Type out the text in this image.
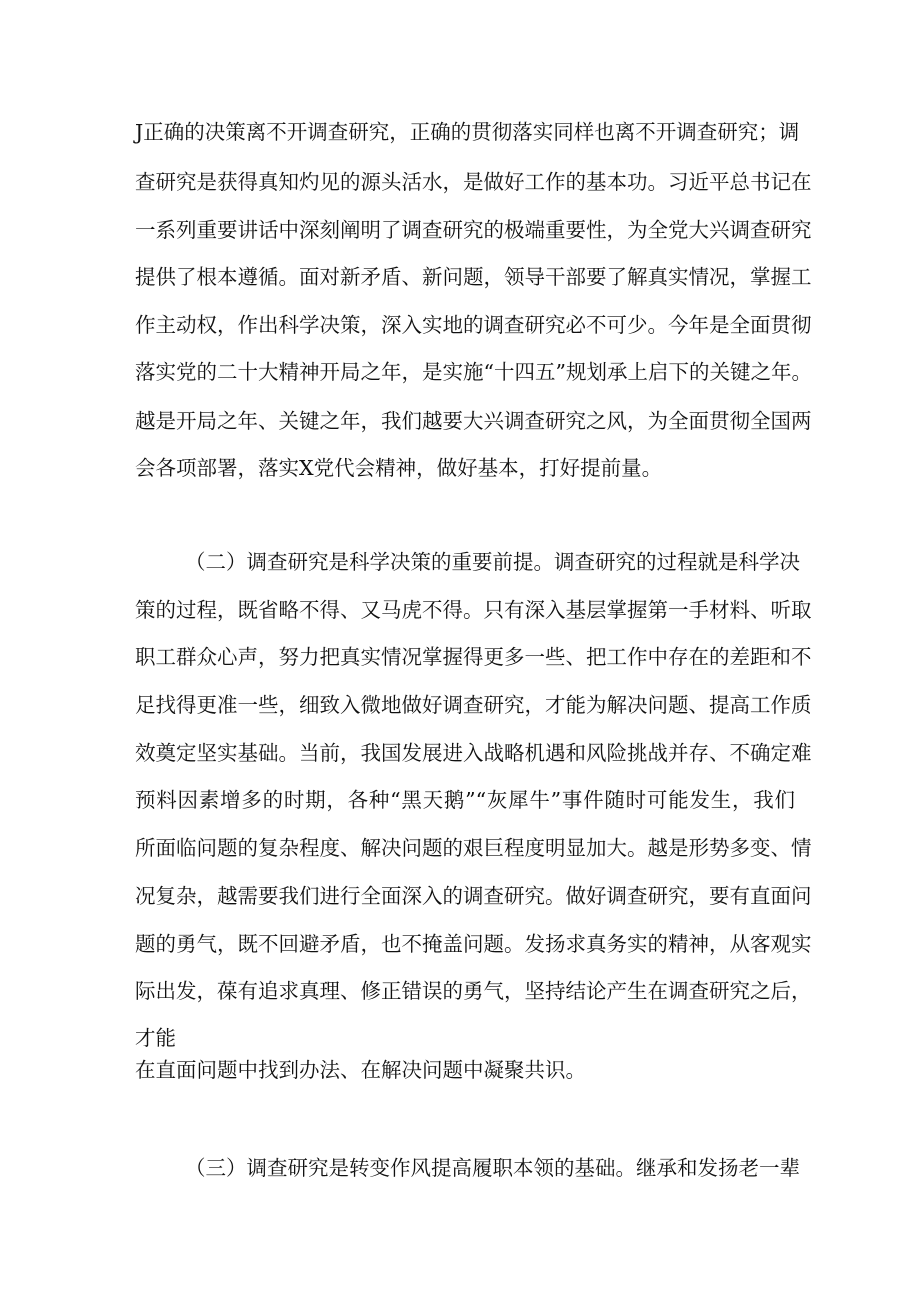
J正确的决策离不开调查研究，正确的贯彻落实同样也离不开调查研究；调
查研究是获得真知灼见的源头活水，是做好工作的基本功。习近平总书记在
一系列重要讲话中深刻阐明了调查研究的极端重要性，为全党大兴调查研究
提供了根本遵循。面对新矛盾、新问题，领导干部要了解真实情况，掌握工
作主动权，作出科学决策，深入实地的调查研究必不可少。今年是全面贯彻
落实党的二十大精神开局之年，是实施“十四五”规划承上启下的关键之年。
越是开局之年、关键之年，我们越要大兴调查研究之风，为全面贯彻全国两
会各项部署，落实X党代会精神，做好基本，打好提前量。
（二）调查研究是科学决策的重要前提。调查研究的过程就是科学决
策的过程，既省略不得、又马虎不得。只有深入基层掌握第一手材料、听取
职工群众心声，努力把真实情况掌握得更多一些、把工作中存在的差距和不
足找得更准一些，细致入微地做好调查研究，才能为解决问题、提高工作质
效奠定坚实基础。当前，我国发展进入战略机遇和风险挑战并存、不确定难
预料因素增多的时期，各种“黑天鹅”“灰犀牛”事件随时可能发生，我们
所面临问题的复杂程度、解决问题的艰巨程度明显加大。越是形势多变、情
况复杂，越需要我们进行全面深入的调查研究。做好调查研究，要有直面问
题的勇气，既不回避矛盾，也不掩盖问题。发扬求真务实的精神，从客观实
际出发，葆有追求真理、修正错误的勇气，坚持结论产生在调查研究之后，
才能
在直面问题中找到办法、在解决问题中凝聚共识。
（三）调查研究是转变作风提高履职本领的基础。继承和发扬老一辈
